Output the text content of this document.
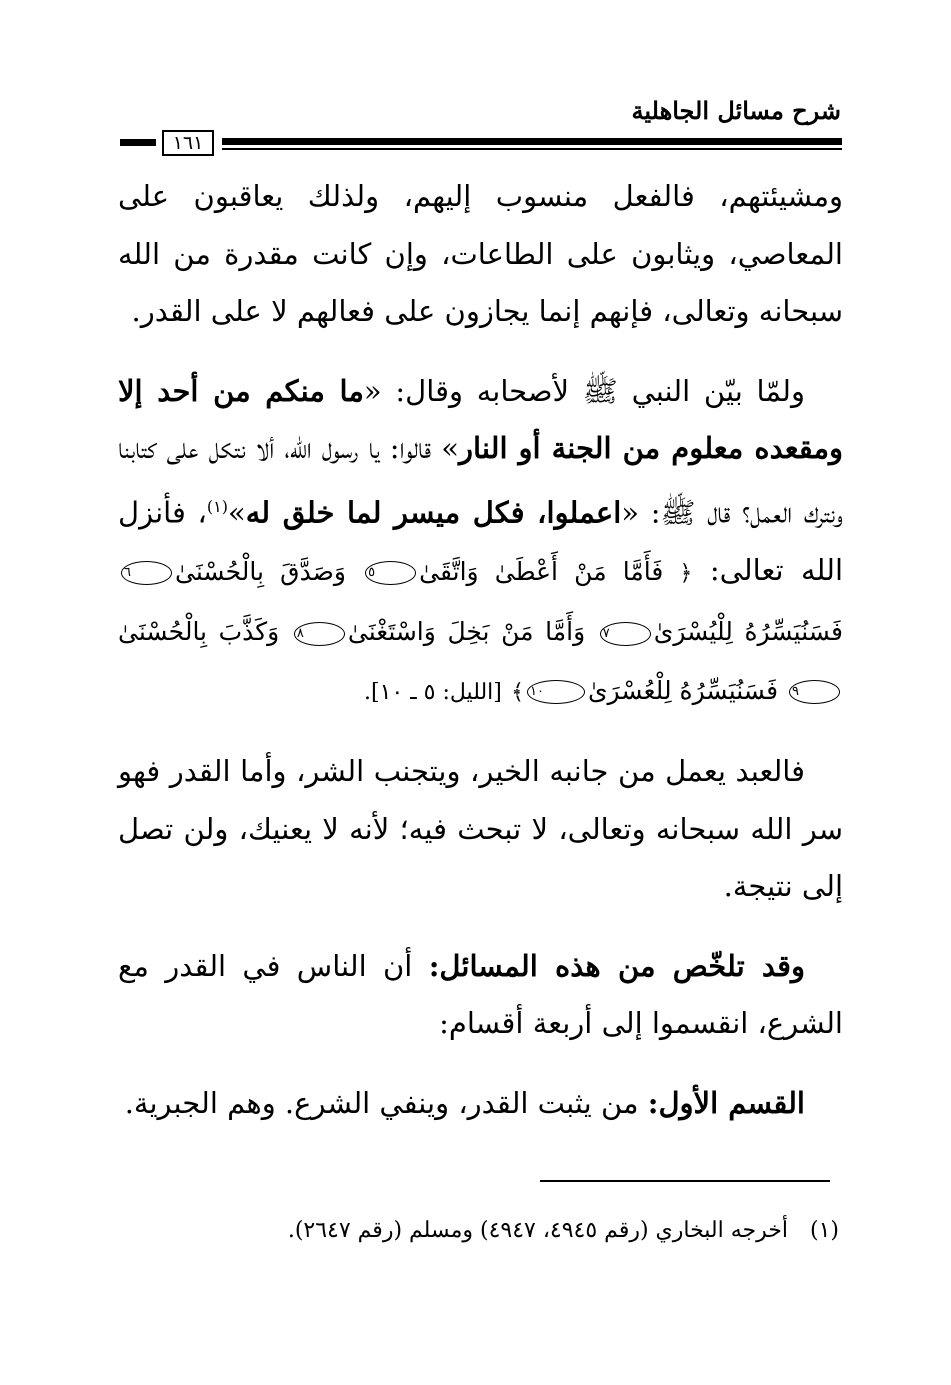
شرح مسائل الجاهلية
١٦١

ومشيئتهم، فالفعل منسوب إليهم، ولذلك يعاقبون على المعاصي، ويثابون على الطاعات، وإن كانت مقدرة من الله سبحانه وتعالى، فإنهم إنما يجازون على فعالهم لا على القدر.

ولمّا بيّن النبي ﷺ لأصحابه وقال: «ما منكم من أحد إلا ومقعده معلوم من الجنة أو النار» قالوا: يا رسول الله، ألا نتكل على كتابنا ونترك العمل؟ قال ﷺ: «اعملوا، فكل ميسر لما خلق له»$^{(١)}$، فأنزل الله تعالى: ﴿ فَأَمَّا مَنْ أَعْطَىٰ وَاتَّقَىٰ٥ وَصَدَّقَ بِالْحُسْنَىٰ٦ فَسَنُيَسِّرُهُ لِلْيُسْرَىٰ٧ وَأَمَّا مَنْ بَخِلَ وَاسْتَغْنَىٰ٨ وَكَذَّبَ بِالْحُسْنَىٰ٩ فَسَنُيَسِّرُهُ لِلْعُسْرَىٰ١٠﴾ [الليل: ٥ ـ ١٠].

فالعبد يعمل من جانبه الخير، ويتجنب الشر، وأما القدر فهو سر الله سبحانه وتعالى، لا تبحث فيه؛ لأنه لا يعنيك، ولن تصل إلى نتيجة.

وقد تلخّص من هذه المسائل: أن الناس في القدر مع الشرع، انقسموا إلى أربعة أقسام:

القسم الأول: من يثبت القدر، وينفي الشرع. وهم الجبرية.

(١)أخرجه البخاري (رقم ٤٩٤٥، ٤٩٤٧) ومسلم (رقم ٢٦٤٧).
